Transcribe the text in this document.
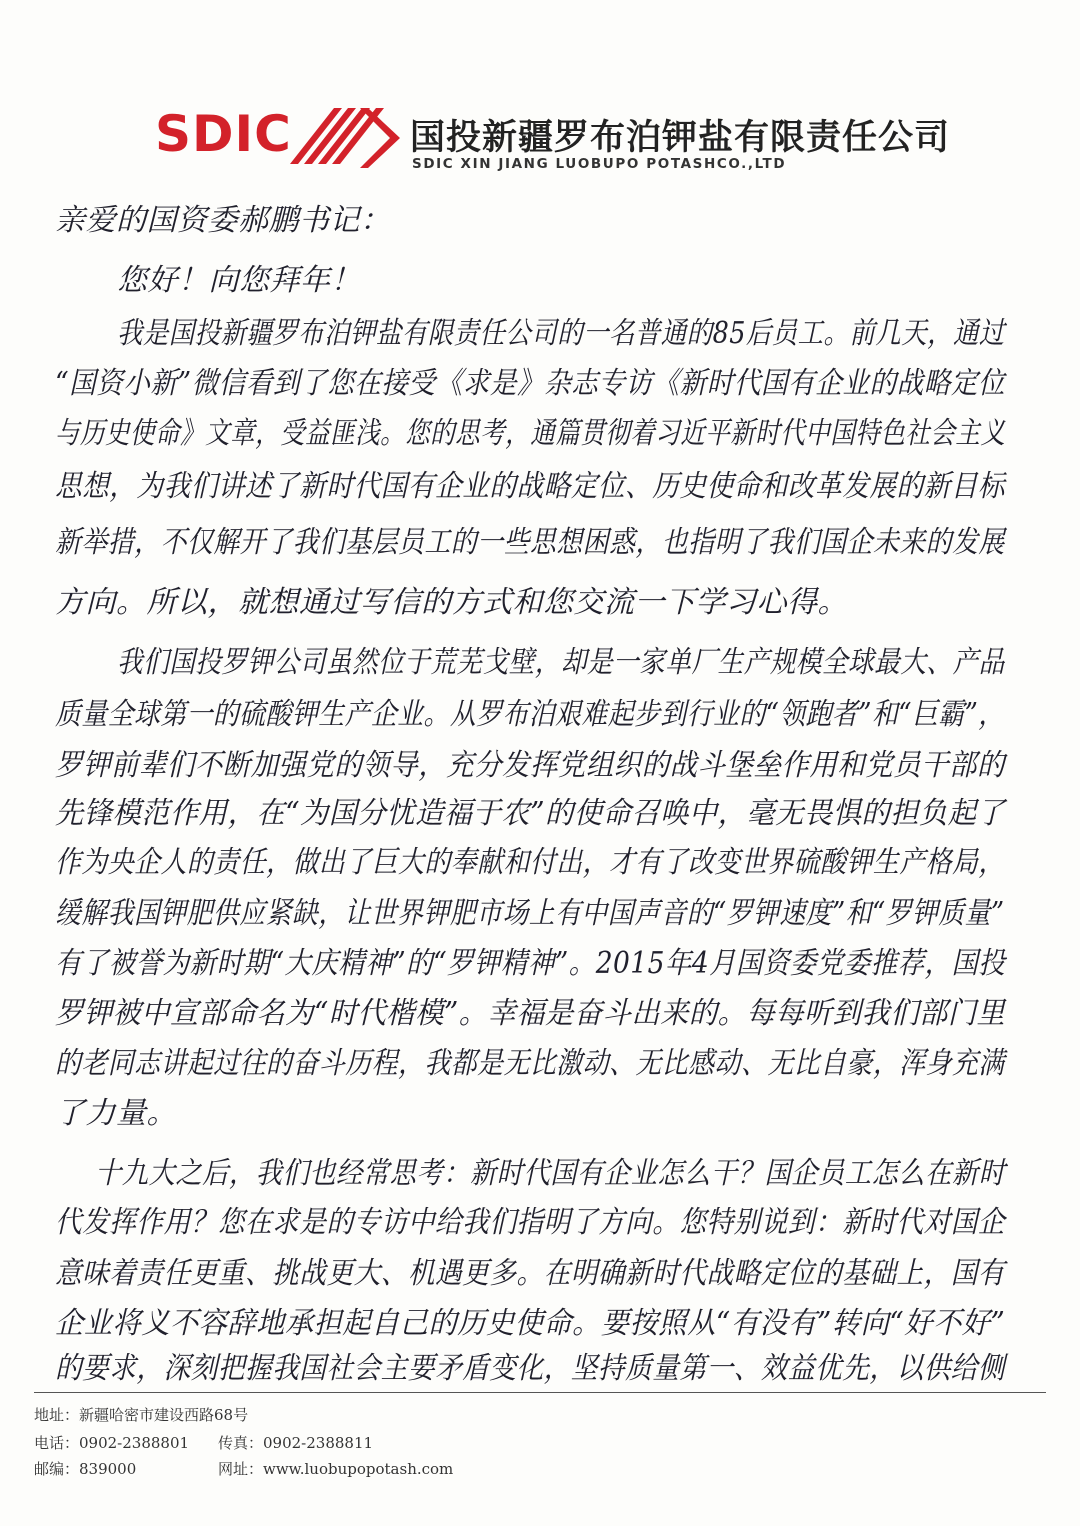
SDIC	国投新疆罗布泊钾盐有限责任公司
SDIC XIN JIANG LUOBUPO POTASHCO.,LTD
亲爱的国资委郝鹏书记：
您好！向您拜年！
我是国投新疆罗布泊钾盐有限责任公司的一名普通的85后员工。前几天，通过
“国资小新”微信看到了您在接受《求是》杂志专访《新时代国有企业的战略定位
与历史使命》文章，受益匪浅。您的思考，通篇贯彻着习近平新时代中国特色社会主义
思想，为我们讲述了新时代国有企业的战略定位、历史使命和改革发展的新目标
新举措，不仅解开了我们基层员工的一些思想困惑，也指明了我们国企未来的发展
方向。所以，就想通过写信的方式和您交流一下学习心得。
我们国投罗钾公司虽然位于荒芜戈壁，却是一家单厂生产规模全球最大、产品
质量全球第一的硫酸钾生产企业。从罗布泊艰难起步到行业的“领跑者”和“巨霸”，
罗钾前辈们不断加强党的领导，充分发挥党组织的战斗堡垒作用和党员干部的
先锋模范作用，在“为国分忧造福于农”的使命召唤中，毫无畏惧的担负起了
作为央企人的责任，做出了巨大的奉献和付出，才有了改变世界硫酸钾生产格局，
缓解我国钾肥供应紧缺，让世界钾肥市场上有中国声音的“罗钾速度”和“罗钾质量”
有了被誉为新时期“大庆精神”的“罗钾精神”。2015年4月国资委党委推荐，国投
罗钾被中宣部命名为“时代楷模”。幸福是奋斗出来的。每每听到我们部门里
的老同志讲起过往的奋斗历程，我都是无比激动、无比感动、无比自豪，浑身充满
了力量。
十九大之后，我们也经常思考：新时代国有企业怎么干？国企员工怎么在新时
代发挥作用？您在求是的专访中给我们指明了方向。您特别说到：新时代对国企
意味着责任更重、挑战更大、机遇更多。在明确新时代战略定位的基础上，国有
企业将义不容辞地承担起自己的历史使命。要按照从“有没有”转向“好不好”
的要求，深刻把握我国社会主要矛盾变化，坚持质量第一、效益优先，以供给侧
地址：新疆哈密市建设西路68号
电话：0902-2388801 传真：0902-2388811
邮编：839000	网址：www.luobupopotash.com
